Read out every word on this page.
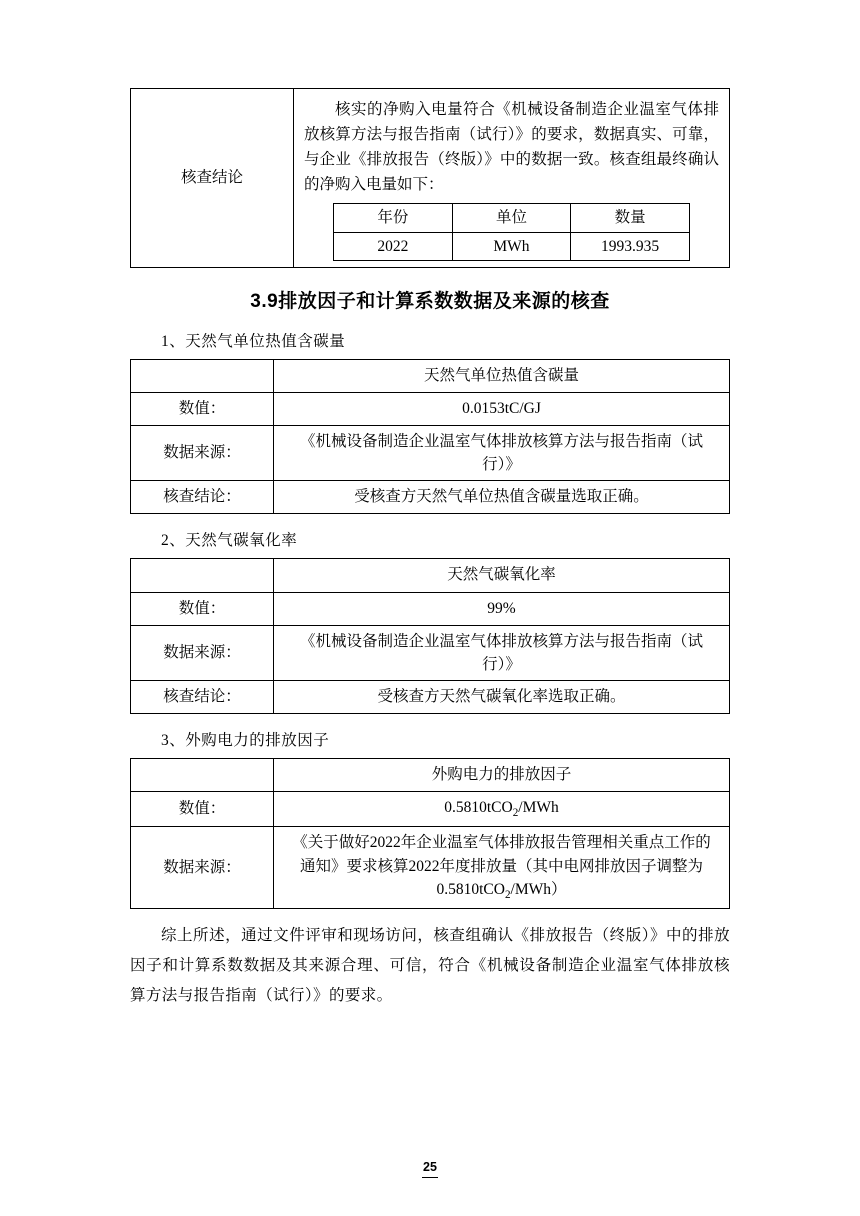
核查结论	

核实的净购入电量符合《机械设备制造企业温室气体排放核算方法与报告指南（试行）》的要求，数据真实、可靠，与企业《排放报告（终版）》中的数据一致。核查组最终确认的净购入电量如下：

年份	单位	数量
2022	MWh	1993.935
3.9排放因子和计算系数数据及来源的核查

1、天然气单位热值含碳量

	天然气单位热值含碳量
数值：	0.0153tC/GJ
数据来源：	《机械设备制造企业温室气体排放核算方法与报告指南（试行）》
核查结论：	受核查方天然气单位热值含碳量选取正确。

2、天然气碳氧化率

	天然气碳氧化率
数值：	99%
数据来源：	《机械设备制造企业温室气体排放核算方法与报告指南（试行）》
核查结论：	受核查方天然气碳氧化率选取正确。

3、外购电力的排放因子

	外购电力的排放因子
数值：	0.5810tCO$_2$/MWh
数据来源：	《关于做好2022年企业温室气体排放报告管理相关重点工作的通知》要求核算2022年度排放量（其中电网排放因子调整为0.5810tCO$_2$/MWh）

综上所述，通过文件评审和现场访问，核查组确认《排放报告（终版）》中的排放因子和计算系数数据及其来源合理、可信，符合《机械设备制造企业温室气体排放核算方法与报告指南（试行）》的要求。

25
